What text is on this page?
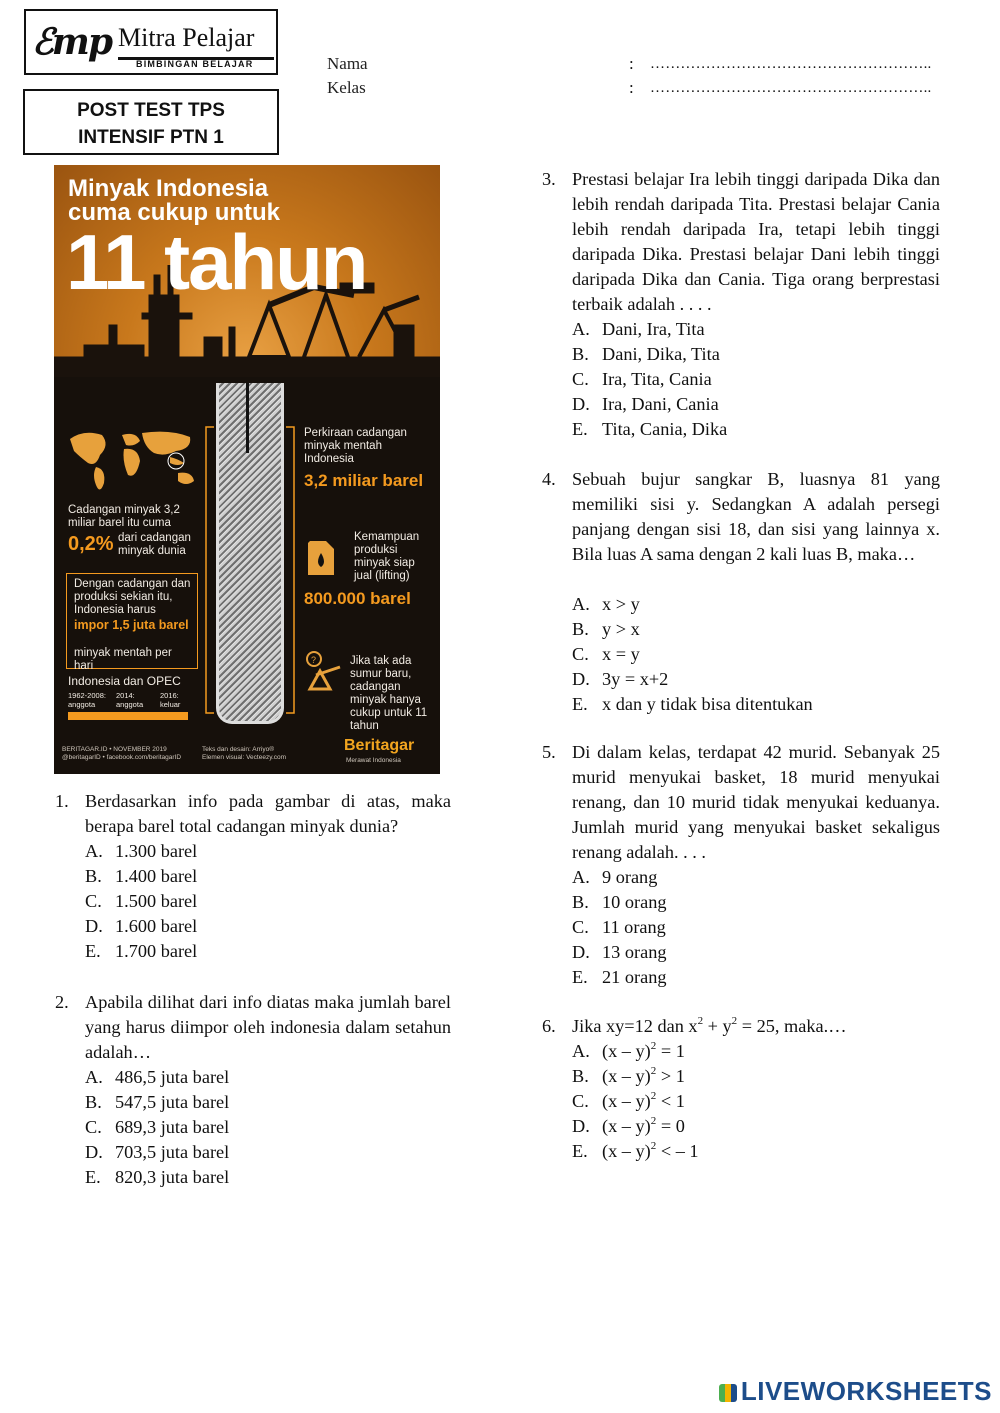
ℰmp Mitra Pelajar
BIMBINGAN BELAJAR
POST TEST TPS
INTENSIF PTN 1
Nama	: ………………………………………………..
Kelas	: ………………………………………………..
Minyak Indonesia
cuma cukup untuk
11 tahun
Cadangan minyak 3,2 miliar barel itu cuma
0,2% dari cadangan minyak dunia
Dengan cadangan dan produksi sekian itu, Indonesia harus
impor 1,5 juta barel
minyak mentah per hari
Indonesia dan OPEC
1962-2008: anggota
2014: anggota
2016: keluar
Perkiraan cadangan minyak mentah Indonesia
3,2 miliar barel
Kemampuan produksi minyak siap jual (lifting)
800.000 barel
?	Jika tak ada sumur baru, cadangan minyak hanya cukup untuk 11 tahun
BERITAGAR.ID • NOVEMBER 2019
@beritagarID • facebook.com/beritagarID
Teks dan desain: Arriyo®
Elemen visual: Vecteezy.com
Beritagar
Merawat Indonesia
1. Berdasarkan info pada gambar di atas, maka berapa barel total cadangan minyak dunia?
A. 1.300 barel
B. 1.400 barel
C. 1.500 barel
D. 1.600 barel
E. 1.700 barel
2. Apabila dilihat dari info diatas maka jumlah barel yang harus diimpor oleh indonesia dalam setahun adalah…
A. 486,5 juta barel
B. 547,5 juta barel
C. 689,3 juta barel
D. 703,5 juta barel
E. 820,3 juta barel
3. Prestasi belajar Ira lebih tinggi daripada Dika dan lebih rendah daripada Tita. Prestasi belajar Cania lebih rendah daripada Ira, tetapi lebih tinggi daripada Dika. Prestasi belajar Dani lebih tinggi daripada Dika dan Cania. Tiga orang berprestasi terbaik adalah . . . .
A. Dani, Ira, Tita
B. Dani, Dika, Tita
C. Ira, Tita, Cania
D. Ira, Dani, Cania
E. Tita, Cania, Dika
4. Sebuah bujur sangkar B, luasnya 81 yang memiliki sisi y. Sedangkan A adalah persegi panjang dengan sisi 18, dan sisi yang lainnya x. Bila luas A sama dengan 2 kali luas B, maka…
A. x > y
B. y > x
C. x = y
D. 3y = x+2
E. x dan y tidak bisa ditentukan
5. Di dalam kelas, terdapat 42 murid. Sebanyak 25 murid menyukai basket, 18 murid menyukai renang, dan 10 murid tidak menyukai keduanya. Jumlah murid yang menyukai basket sekaligus renang adalah. . . .
A. 9 orang
B. 10 orang
C. 11 orang
D. 13 orang
E. 21 orang
6. Jika xy=12 dan $x^2 + y^2 = 25$, maka.…
A. (x – y)$^2$ = 1
B. (x – y)$^2$ > 1
C. (x – y)$^2$ < 1
D. (x – y)$^2$ = 0
E. (x – y)$^2$ < – 1
LIVEWORKSHEETS
